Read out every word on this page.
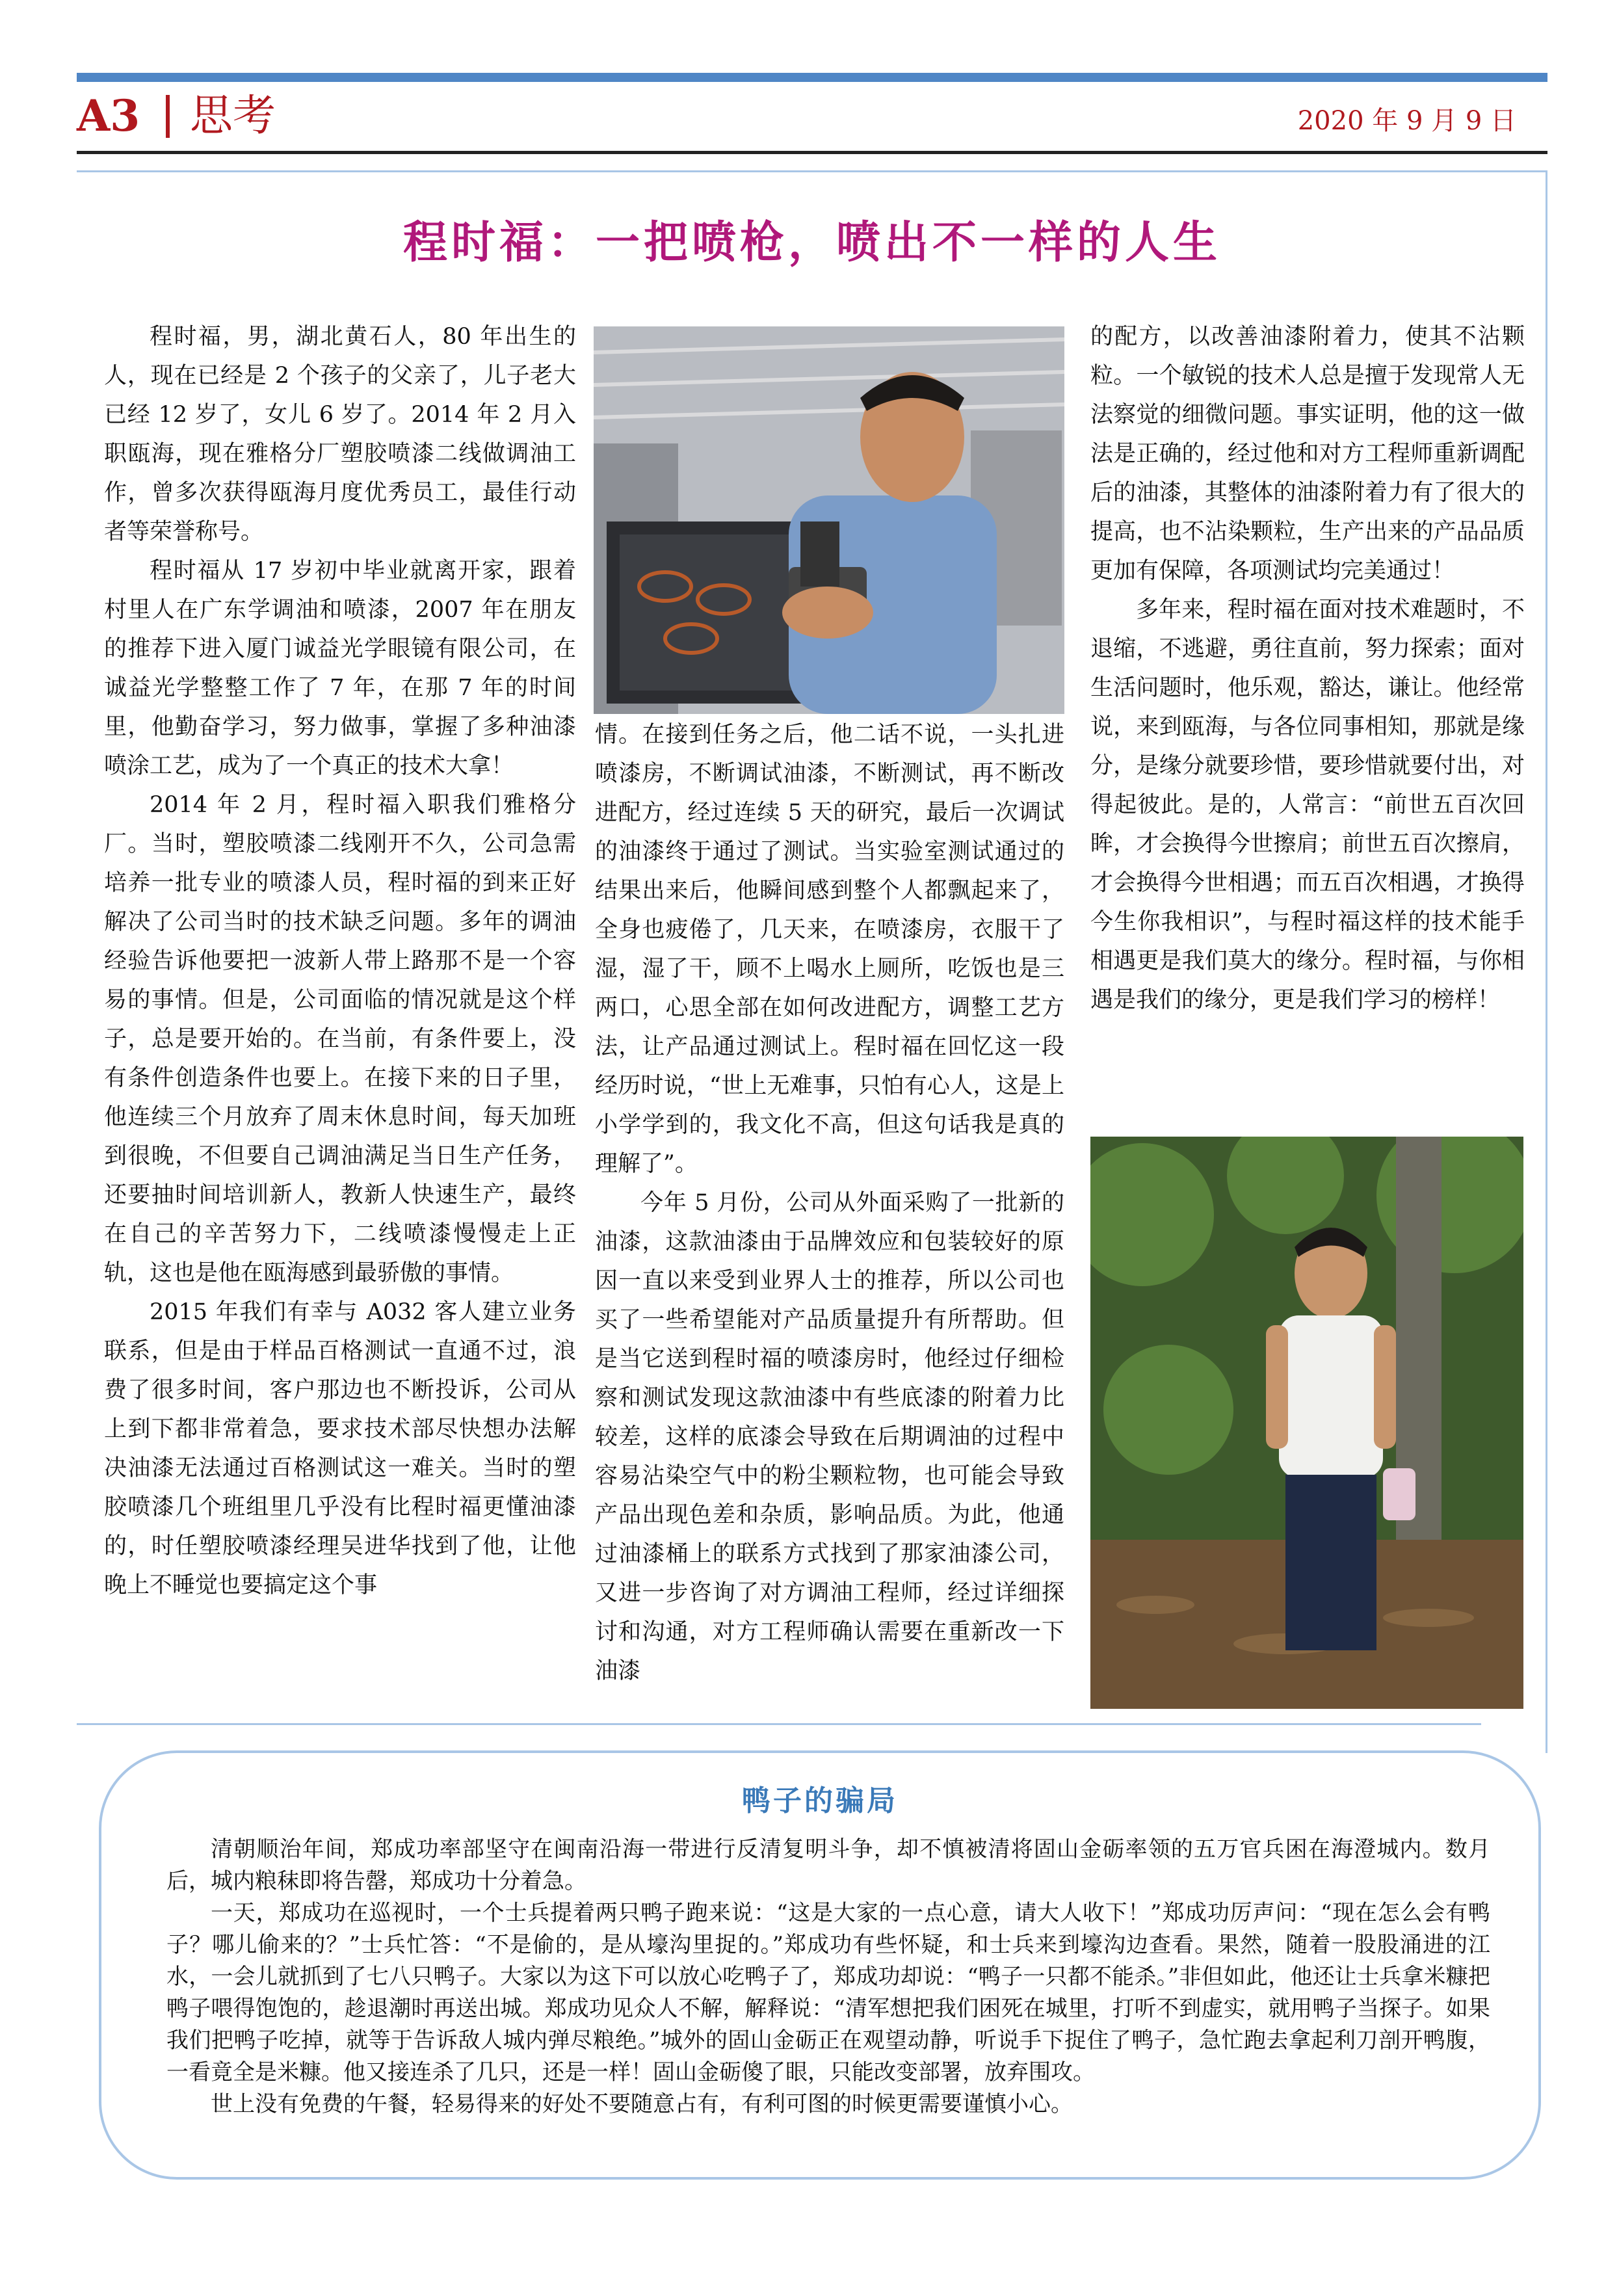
A3 思考	2020 年 9 月 9 日
程时福：一把喷枪，喷出不一样的人生

程时福，男，湖北黄石人，80 年出生的人，现在已经是 2 个孩子的父亲了，儿子老大已经 12 岁了，女儿 6 岁了。2014 年 2 月入职瓯海，现在雅格分厂塑胶喷漆二线做调油工作，曾多次获得瓯海月度优秀员工，最佳行动者等荣誉称号。

程时福从 17 岁初中毕业就离开家，跟着村里人在广东学调油和喷漆，2007 年在朋友的推荐下进入厦门诚益光学眼镜有限公司，在诚益光学整整工作了 7 年，在那 7 年的时间里，他勤奋学习，努力做事，掌握了多种油漆喷涂工艺，成为了一个真正的技术大拿！

2014 年 2 月，程时福入职我们雅格分厂。当时，塑胶喷漆二线刚开不久，公司急需培养一批专业的喷漆人员，程时福的到来正好解决了公司当时的技术缺乏问题。多年的调油经验告诉他要把一波新人带上路那不是一个容易的事情。但是，公司面临的情况就是这个样子，总是要开始的。在当前，有条件要上，没有条件创造条件也要上。在接下来的日子里，他连续三个月放弃了周末休息时间，每天加班到很晚，不但要自己调油满足当日生产任务，还要抽时间培训新人，教新人快速生产，最终在自己的辛苦努力下，二线喷漆慢慢走上正轨，这也是他在瓯海感到最骄傲的事情。

2015 年我们有幸与 A032 客人建立业务联系，但是由于样品百格测试一直通不过，浪费了很多时间，客户那边也不断投诉，公司从上到下都非常着急，要求技术部尽快想办法解决油漆无法通过百格测试这一难关。当时的塑胶喷漆几个班组里几乎没有比程时福更懂油漆的，时任塑胶喷漆经理吴进华找到了他，让他晚上不睡觉也要搞定这个事

情。在接到任务之后，他二话不说，一头扎进喷漆房，不断调试油漆，不断测试，再不断改进配方，经过连续 5 天的研究，最后一次调试的油漆终于通过了测试。当实验室测试通过的结果出来后，他瞬间感到整个人都飘起来了，全身也疲倦了，几天来，在喷漆房，衣服干了湿，湿了干，顾不上喝水上厕所，吃饭也是三两口，心思全部在如何改进配方，调整工艺方法，让产品通过测试上。程时福在回忆这一段经历时说，“世上无难事，只怕有心人，这是上小学学到的，我文化不高，但这句话我是真的理解了”。

今年 5 月份，公司从外面采购了一批新的油漆，这款油漆由于品牌效应和包装较好的原因一直以来受到业界人士的推荐，所以公司也买了一些希望能对产品质量提升有所帮助。但是当它送到程时福的喷漆房时，他经过仔细检察和测试发现这款油漆中有些底漆的附着力比较差，这样的底漆会导致在后期调油的过程中容易沾染空气中的粉尘颗粒物，也可能会导致产品出现色差和杂质，影响品质。为此，他通过油漆桶上的联系方式找到了那家油漆公司，又进一步咨询了对方调油工程师，经过详细探讨和沟通，对方工程师确认需要在重新改一下油漆

的配方，以改善油漆附着力，使其不沾颗粒。一个敏锐的技术人总是擅于发现常人无法察觉的细微问题。事实证明，他的这一做法是正确的，经过他和对方工程师重新调配后的油漆，其整体的油漆附着力有了很大的提高，也不沾染颗粒，生产出来的产品品质更加有保障，各项测试均完美通过！

多年来，程时福在面对技术难题时，不退缩，不逃避，勇往直前，努力探索；面对生活问题时，他乐观，豁达，谦让。他经常说，来到瓯海，与各位同事相知，那就是缘分，是缘分就要珍惜，要珍惜就要付出，对得起彼此。是的，人常言：“前世五百次回眸，才会换得今世擦肩；前世五百次擦肩，才会换得今世相遇；而五百次相遇，才换得今生你我相识”，与程时福这样的技术能手相遇更是我们莫大的缘分。程时福，与你相遇是我们的缘分，更是我们学习的榜样！

鸭子的骗局

清朝顺治年间，郑成功率部坚守在闽南沿海一带进行反清复明斗争，却不慎被清将固山金砺率领的五万官兵困在海澄城内。数月后，城内粮秣即将告罄，郑成功十分着急。

一天，郑成功在巡视时，一个士兵提着两只鸭子跑来说：“这是大家的一点心意，请大人收下！”郑成功厉声问：“现在怎么会有鸭子？哪儿偷来的？”士兵忙答：“不是偷的，是从壕沟里捉的。”郑成功有些怀疑，和士兵来到壕沟边查看。果然，随着一股股涌进的江水，一会儿就抓到了七八只鸭子。大家以为这下可以放心吃鸭子了，郑成功却说：“鸭子一只都不能杀。”非但如此，他还让士兵拿米糠把鸭子喂得饱饱的，趁退潮时再送出城。郑成功见众人不解，解释说：“清军想把我们困死在城里，打听不到虚实，就用鸭子当探子。如果我们把鸭子吃掉，就等于告诉敌人城内弹尽粮绝。”城外的固山金砺正在观望动静，听说手下捉住了鸭子，急忙跑去拿起利刀剖开鸭腹，一看竟全是米糠。他又接连杀了几只，还是一样！固山金砺傻了眼，只能改变部署，放弃围攻。

世上没有免费的午餐，轻易得来的好处不要随意占有，有利可图的时候更需要谨慎小心。
